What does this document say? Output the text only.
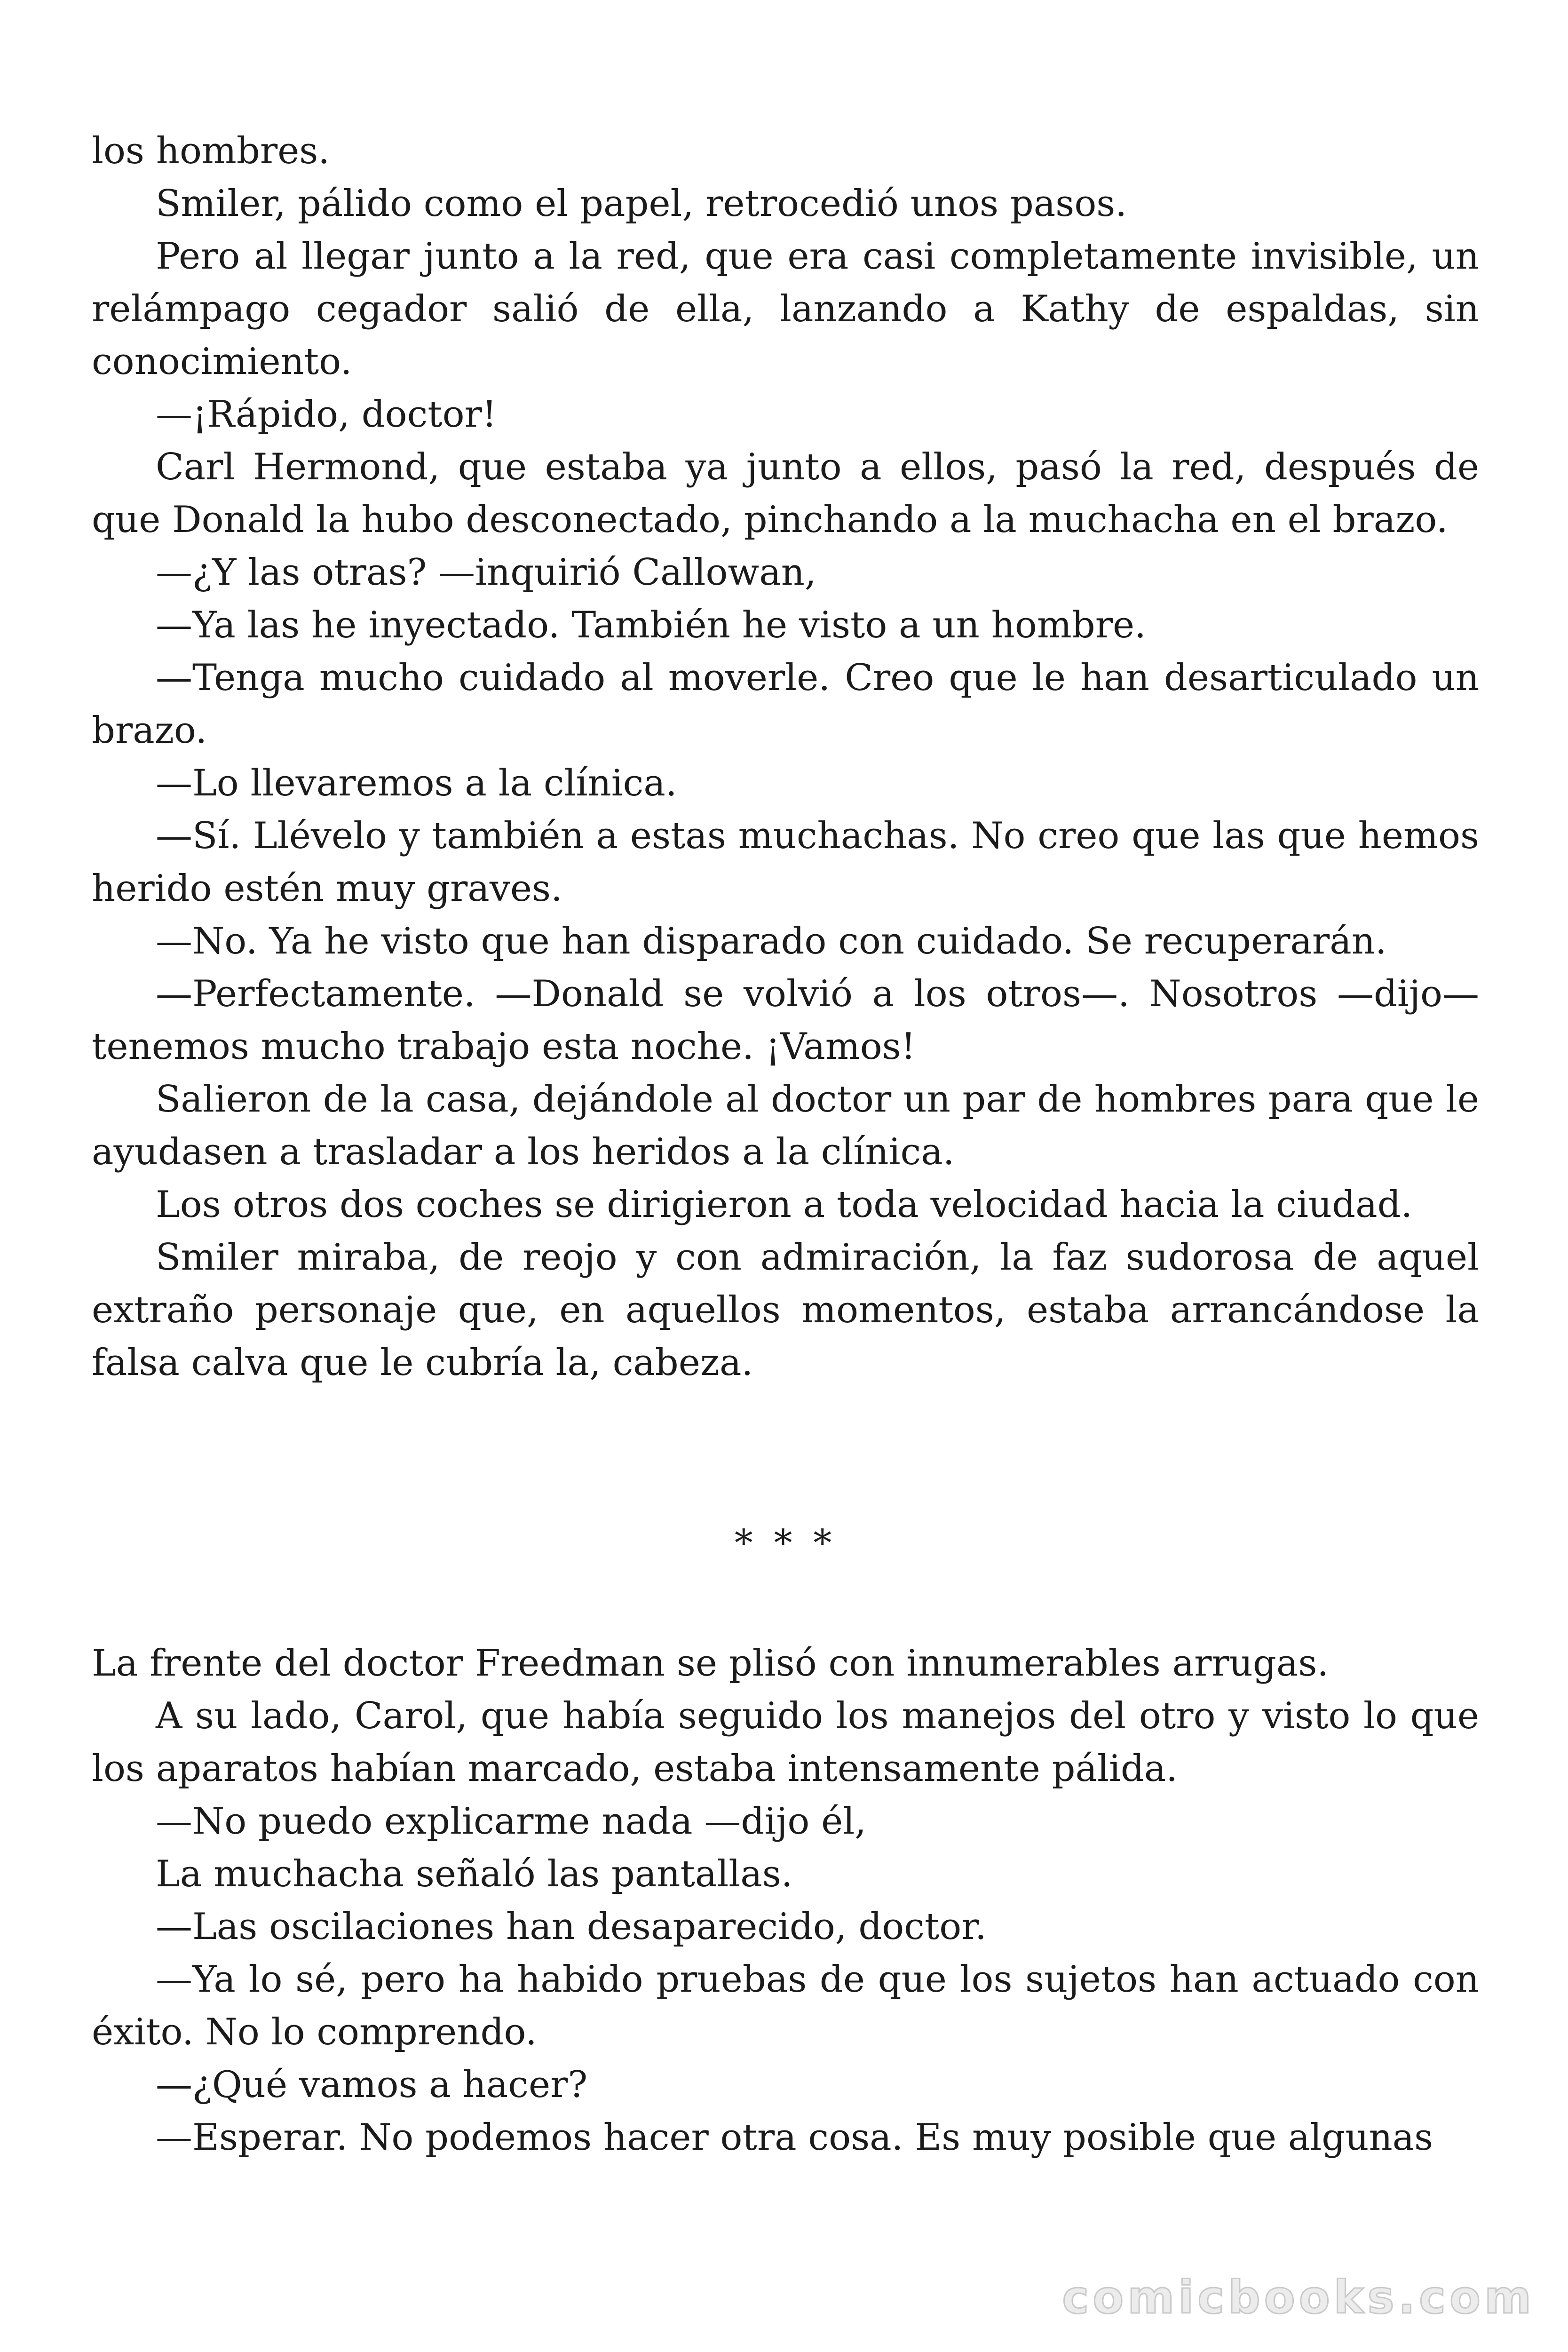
los hombres.

Smiler, pálido como el papel, retrocedió unos pasos.

Pero al llegar junto a la red, que era casi completamente invisible, un relámpago cegador salió de ella, lanzando a Kathy de espaldas, sin conocimiento.

—¡Rápido, doctor!

Carl Hermond, que estaba ya junto a ellos, pasó la red, después de que Donald la hubo desconectado, pinchando a la muchacha en el brazo.

—¿Y las otras? —inquirió Callowan,

—Ya las he inyectado. También he visto a un hombre.

—Tenga mucho cuidado al moverle. Creo que le han desarticulado un brazo.

—Lo llevaremos a la clínica.

—Sí. Llévelo y también a estas muchachas. No creo que las que hemos herido estén muy graves.

—No. Ya he visto que han disparado con cuidado. Se recuperarán.

—Perfectamente. —Donald se volvió a los otros—. Nosotros —dijo— tenemos mucho trabajo esta noche. ¡Vamos!

Salieron de la casa, dejándole al doctor un par de hombres para que le ayudasen a trasladar a los heridos a la clínica.

Los otros dos coches se dirigieron a toda velocidad hacia la ciudad.

Smiler miraba, de reojo y con admiración, la faz sudorosa de aquel extraño personaje que, en aquellos momentos, estaba arrancándose la falsa calva que le cubría la, cabeza.

* * *

La frente del doctor Freedman se plisó con innumerables arrugas.

A su lado, Carol, que había seguido los manejos del otro y visto lo que los aparatos habían marcado, estaba intensamente pálida.

—No puedo explicarme nada —dijo él,

La muchacha señaló las pantallas.

—Las oscilaciones han desaparecido, doctor.

—Ya lo sé, pero ha habido pruebas de que los sujetos han actuado con éxito. No lo comprendo.

—¿Qué vamos a hacer?

—Esperar. No podemos hacer otra cosa. Es muy posible que algunas

comicbooks.com
